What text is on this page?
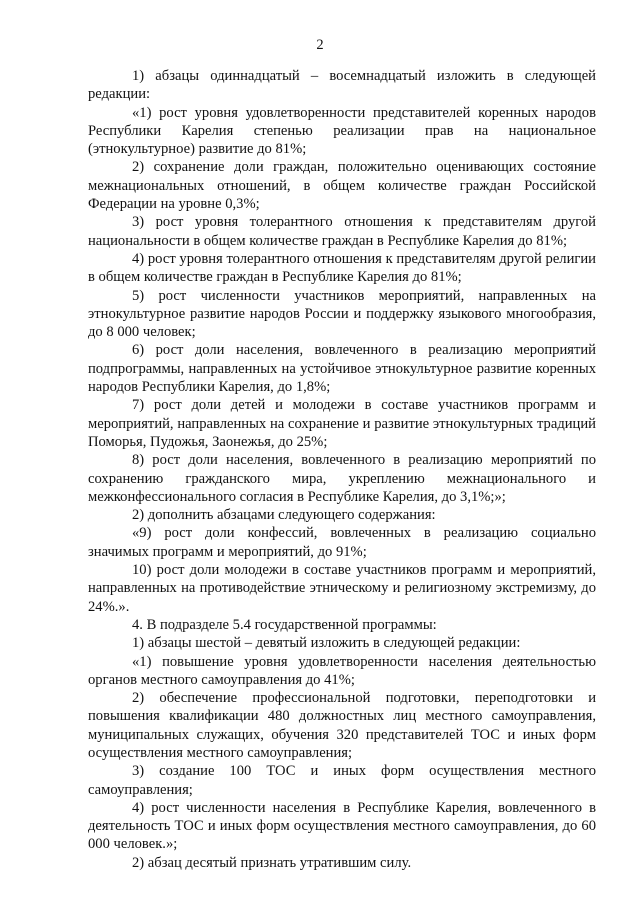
2

1) абзацы одиннадцатый – восемнадцатый изложить в следующей редакции:

«1) рост уровня удовлетворенности представителей коренных народов Республики Карелия степенью реализации прав на национальное (этнокультурное) развитие до 81%;

2) сохранение доли граждан, положительно оценивающих состояние межнациональных отношений, в общем количестве граждан Российской Федерации на уровне 0,3%;

3) рост уровня толерантного отношения к представителям другой национальности в общем количестве граждан в Республике Карелия до 81%;

4) рост уровня толерантного отношения к представителям другой религии в общем количестве граждан в Республике Карелия до 81%;

5) рост численности участников мероприятий, направленных на этнокультурное развитие народов России и поддержку языкового многообразия, до 8 000 человек;

6) рост доли населения, вовлеченного в реализацию мероприятий подпрограммы, направленных на устойчивое этнокультурное развитие коренных народов Республики Карелия, до 1,8%;

7) рост доли детей и молодежи в составе участников программ и мероприятий, направленных на сохранение и развитие этнокультурных традиций Поморья, Пудожья, Заонежья, до 25%;

8) рост доли населения, вовлеченного в реализацию мероприятий по сохранению гражданского мира, укреплению межнационального и межконфессионального согласия в Республике Карелия, до 3,1%;»;

2) дополнить абзацами следующего содержания:

«9) рост доли конфессий, вовлеченных в реализацию социально значимых программ и мероприятий, до 91%;

10) рост доли молодежи в составе участников программ и мероприятий, направленных на противодействие этническому и религиозному экстремизму, до 24%.».

4. В подразделе 5.4 государственной программы:

1) абзацы шестой – девятый изложить в следующей редакции:

«1) повышение уровня удовлетворенности населения деятельностью органов местного самоуправления до 41%;

2) обеспечение профессиональной подготовки, переподготовки и повышения квалификации 480 должностных лиц местного самоуправления, муниципальных служащих, обучения 320 представителей ТОС и иных форм осуществления местного самоуправления;

3) создание 100 ТОС и иных форм осуществления местного самоуправления;

4) рост численности населения в Республике Карелия, вовлеченного в деятельность ТОС и иных форм осуществления местного самоуправления, до 60 000 человек.»;

2) абзац десятый признать утратившим силу.
